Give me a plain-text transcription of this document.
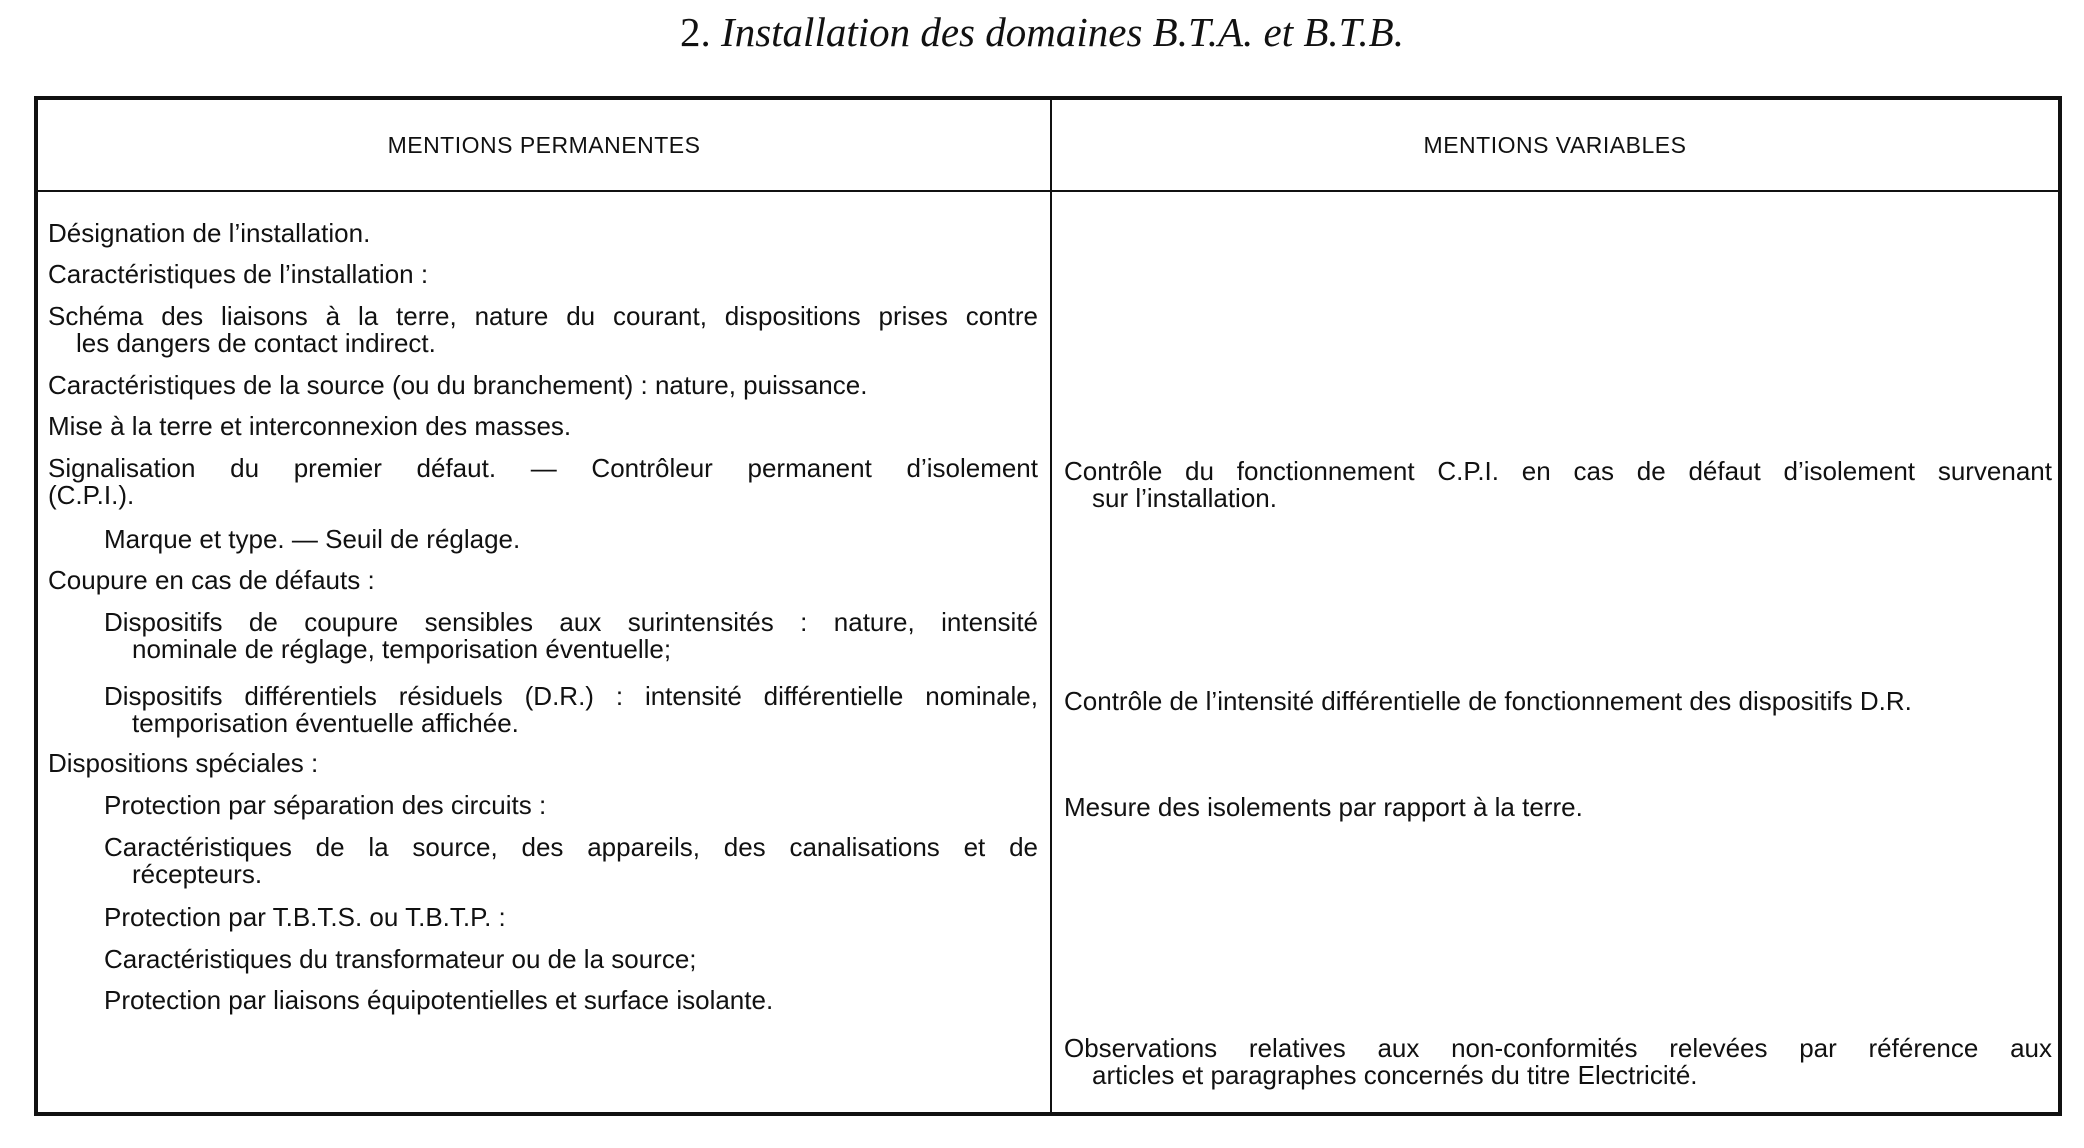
2. Installation des domaines B.T.A. et B.T.B.
MENTIONS PERMANENTES	MENTIONS VARIABLES
Désignation de l’installation.
Caractéristiques de l’installation :
Schéma des liaisons à la terre, nature du courant, dispositions prises contre
les dangers de contact indirect.
Caractéristiques de la source (ou du branchement) : nature, puissance.
Mise à la terre et interconnexion des masses.
Signalisation du premier défaut. — Contrôleur permanent d’isolement
(C.P.I.).
Marque et type. — Seuil de réglage.
Coupure en cas de défauts :
Dispositifs de coupure sensibles aux surintensités : nature, intensité
nominale de réglage, temporisation éventuelle;
Dispositifs différentiels résiduels (D.R.) : intensité différentielle nominale,
temporisation éventuelle affichée.
Dispositions spéciales :
Protection par séparation des circuits :
Caractéristiques de la source, des appareils, des canalisations et de
récepteurs.
Protection par T.B.T.S. ou T.B.T.P. :
Caractéristiques du transformateur ou de la source;
Protection par liaisons équipotentielles et surface isolante.
Contrôle du fonctionnement C.P.I. en cas de défaut d’isolement survenant
sur l’installation.
Contrôle de l’intensité différentielle de fonctionnement des dispositifs D.R.
Mesure des isolements par rapport à la terre.
Observations relatives aux non-conformités relevées par référence aux
articles et paragraphes concernés du titre Electricité.
